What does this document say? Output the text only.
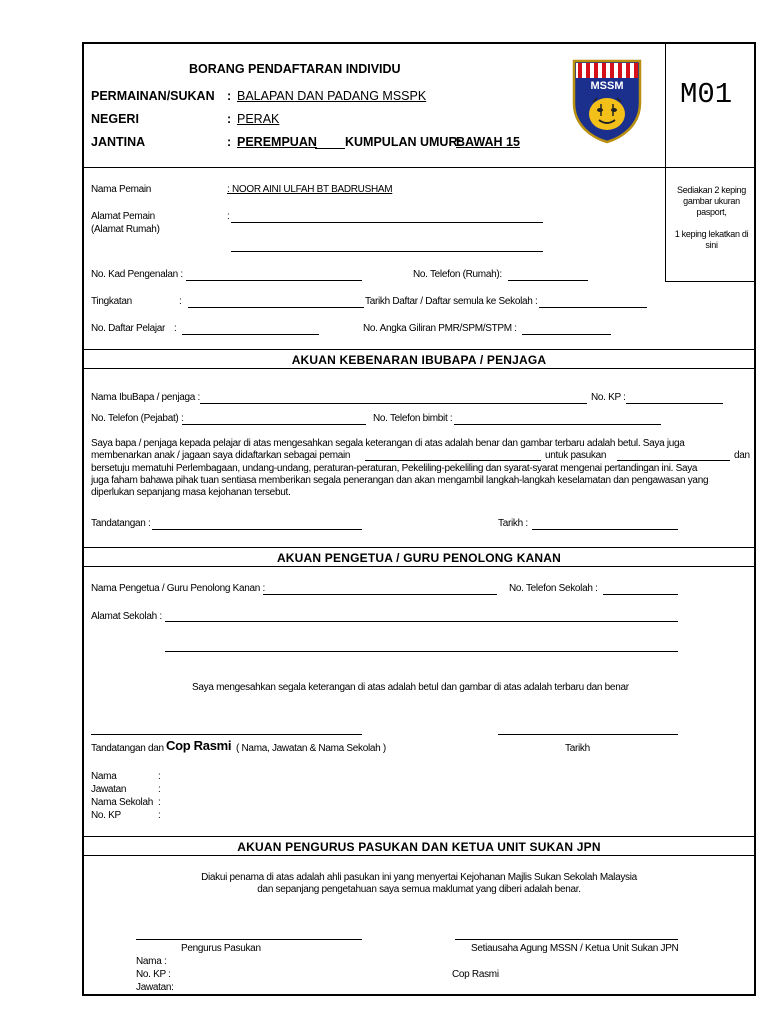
BORANG PENDAFTARAN INDIVIDU
PERMAINAN/SUKAN : BALAPAN DAN PADANG MSSPK
NEGERI	: PERAK
JANTINA	: PEREMPUAN KUMPULAN UMUR:
BAWAH 15
MSSM M01
Sediakan 2 keping
gambar ukuran
pasport,
1 keping lekatkan di
sini
Nama Pemain	: NOOR AINI ULFAH BT BADRUSHAM
Alamat Pemain
(Alamat Rumah)
:
No. Kad Pengenalan :	No. Telefon (Rumah):
Tingkatan	:	Tarikh Daftar / Daftar semula ke Sekolah :
No. Daftar Pelajar :	No. Angka Giliran PMR/SPM/STPM :
AKUAN KEBENARAN IBUBAPA / PENJAGA
Nama IbuBapa / penjaga :	No. KP :
No. Telefon (Pejabat) :	No. Telefon bimbit :
Saya bapa / penjaga kepada pelajar di atas mengesahkan segala keterangan di atas adalah benar dan gambar terbaru adalah betul. Saya juga
membenarkan anak / jagaan saya didaftarkan sebagai pemain	untuk pasukan	dan
bersetuju mematuhi Perlembagaan, undang-undang, peraturan-peraturan, Pekeliling-pekeliling dan syarat-syarat mengenai pertandingan ini. Saya
juga faham bahawa pihak tuan sentiasa memberikan segala penerangan dan akan mengambil langkah-langkah keselamatan dan pengawasan yang
diperlukan sepanjang masa kejohanan tersebut.
Tandatangan :	Tarikh :
AKUAN PENGETUA / GURU PENOLONG KANAN
Nama Pengetua / Guru Penolong Kanan :	No. Telefon Sekolah :
Alamat Sekolah :
Saya mengesahkan segala keterangan di atas adalah betul dan gambar di atas adalah terbaru dan benar
Tandatangan dan Cop Rasmi ( Nama, Jawatan & Nama Sekolah )	Tarikh
Nama	:
Jawatan	:
Nama Sekolah :
No. KP	:
AKUAN PENGURUS PASUKAN DAN KETUA UNIT SUKAN JPN
Diakui penama di atas adalah ahli pasukan ini yang menyertai Kejohanan Majlis Sukan Sekolah Malaysia
dan sepanjang pengetahuan saya semua maklumat yang diberi adalah benar.
Pengurus Pasukan	Setiausaha Agung MSSN / Ketua Unit Sukan JPN
Nama :
No. KP :	Cop Rasmi
Jawatan:
